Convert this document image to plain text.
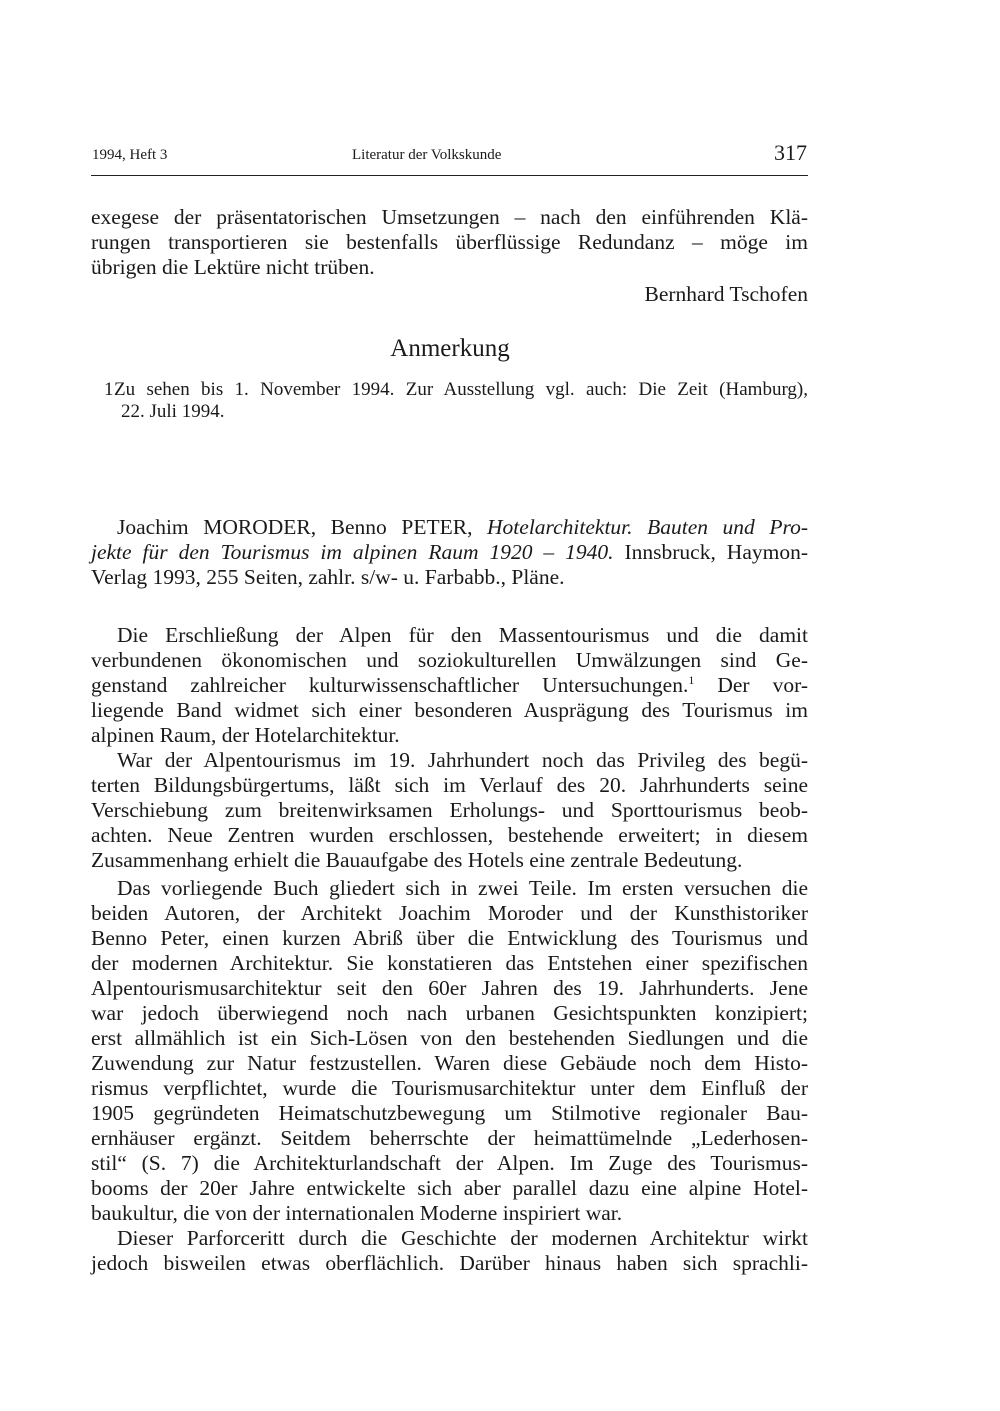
1994, Heft 3	Literatur der Volkskunde	317
exegese der präsentatorischen Umsetzungen – nach den einführenden Klä-
rungen transportieren sie bestenfalls überflüssige Redundanz – möge im
übrigen die Lektüre nicht trüben.
Bernhard Tschofen
Anmerkung
1 Zu sehen bis 1. November 1994. Zur Ausstellung vgl. auch: Die Zeit (Hamburg),
22. Juli 1994.
Joachim MORODER, Benno PETER, Hotelarchitektur. Bauten und Pro-
jekte für den Tourismus im alpinen Raum 1920 – 1940. Innsbruck, Haymon-
Verlag 1993, 255 Seiten, zahlr. s/w- u. Farbabb., Pläne.
Die Erschließung der Alpen für den Massentourismus und die damit
verbundenen ökonomischen und soziokulturellen Umwälzungen sind Ge-
genstand zahlreicher kulturwissenschaftlicher Untersuchungen.$^1$ Der vor-
liegende Band widmet sich einer besonderen Ausprägung des Tourismus im
alpinen Raum, der Hotelarchitektur.
War der Alpentourismus im 19. Jahrhundert noch das Privileg des begü-
terten Bildungsbürgertums, läßt sich im Verlauf des 20. Jahrhunderts seine
Verschiebung zum breitenwirksamen Erholungs- und Sporttourismus beob-
achten. Neue Zentren wurden erschlossen, bestehende erweitert; in diesem
Zusammenhang erhielt die Bauaufgabe des Hotels eine zentrale Bedeutung.
Das vorliegende Buch gliedert sich in zwei Teile. Im ersten versuchen die
beiden Autoren, der Architekt Joachim Moroder und der Kunsthistoriker
Benno Peter, einen kurzen Abriß über die Entwicklung des Tourismus und
der modernen Architektur. Sie konstatieren das Entstehen einer spezifischen
Alpentourismusarchitektur seit den 60er Jahren des 19. Jahrhunderts. Jene
war jedoch überwiegend noch nach urbanen Gesichtspunkten konzipiert;
erst allmählich ist ein Sich-Lösen von den bestehenden Siedlungen und die
Zuwendung zur Natur festzustellen. Waren diese Gebäude noch dem Histo-
rismus verpflichtet, wurde die Tourismusarchitektur unter dem Einfluß der
1905 gegründeten Heimatschutzbewegung um Stilmotive regionaler Bau-
ernhäuser ergänzt. Seitdem beherrschte der heimattümelnde „Lederhosen-
stil“ (S. 7) die Architekturlandschaft der Alpen. Im Zuge des Tourismus-
booms der 20er Jahre entwickelte sich aber parallel dazu eine alpine Hotel-
baukultur, die von der internationalen Moderne inspiriert war.
Dieser Parforceritt durch die Geschichte der modernen Architektur wirkt
jedoch bisweilen etwas oberflächlich. Darüber hinaus haben sich sprachli-
